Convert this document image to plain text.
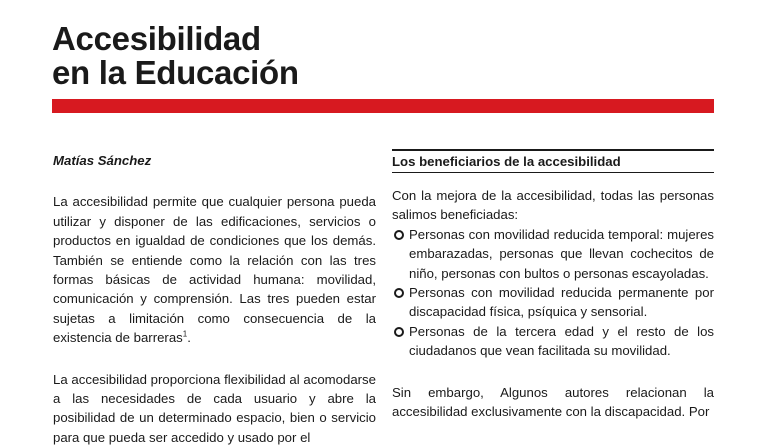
Accesibilidad
en la Educación
Matías Sánchez

La accesibilidad permite que cualquier persona pueda utilizar y disponer de las edificaciones, servicios o productos en igualdad de condiciones que los demás. También se entiende como la relación con las tres formas básicas de actividad humana: movilidad, comunicación y comprensión. Las tres pueden estar sujetas a limitación como consecuencia de la existencia de barreras$^1$.

La accesibilidad proporciona flexibilidad al acomodarse a las necesidades de cada usuario y abre la posibilidad de un determinado espacio, bien o servicio para que pueda ser accedido y usado por el

Los beneficiarios de la accesibilidad

Con la mejora de la accesibilidad, todas las personas salimos beneficiadas:

Personas con movilidad reducida temporal: mujeres embarazadas, personas que llevan cochecitos de niño, personas con bultos o personas escayoladas.
Personas con movilidad reducida permanente por discapacidad física, psíquica y sensorial.
Personas de la tercera edad y el resto de los ciudadanos que vean facilitada su movilidad.

Sin embargo, Algunos autores relacionan la accesibilidad exclusivamente con la discapacidad. Por
